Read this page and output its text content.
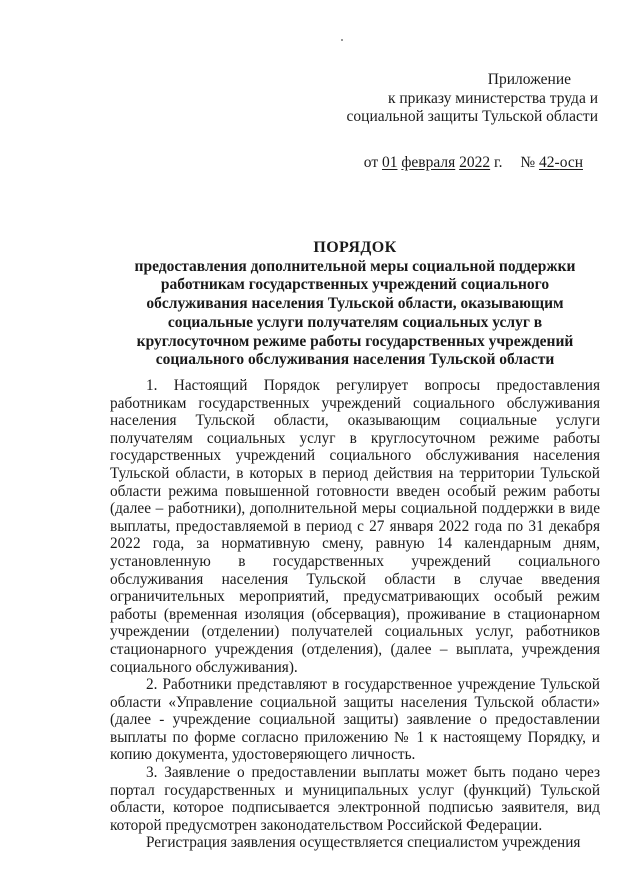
Приложение
к приказу министерства труда и
социальной защиты Тульской области
от 01 февраля 2022 г. № 42-осн
ПОРЯДОК
предоставления дополнительной меры социальной поддержки работникам государственных учреждений социального обслуживания населения Тульской области, оказывающим социальные услуги получателям социальных услуг в круглосуточном режиме работы государственных учреждений социального обслуживания населения Тульской области

1. Настоящий Порядок регулирует вопросы предоставления работникам государственных учреждений социального обслуживания населения Тульской области, оказывающим социальные услуги получателям социальных услуг в круглосуточном режиме работы государственных учреждений социального обслуживания населения Тульской области, в которых в период действия на территории Тульской области режима повышенной готовности введен особый режим работы (далее – работники), дополнительной меры социальной поддержки в виде выплаты, предоставляемой в период с 27 января 2022 года по 31 декабря 2022 года, за нормативную смену, равную 14 календарным дням, установленную в государственных учреждений социального обслуживания населения Тульской области в случае введения ограничительных мероприятий, предусматривающих особый режим работы (временная изоляция (обсервация), проживание в стационарном учреждении (отделении) получателей социальных услуг, работников стационарного учреждения (отделения), (далее – выплата, учреждения социального обслуживания).

2. Работники представляют в государственное учреждение Тульской области «Управление социальной защиты населения Тульской области» (далее - учреждение социальной защиты) заявление о предоставлении выплаты по форме согласно приложению № 1 к настоящему Порядку, и копию документа, удостоверяющего личность.

3. Заявление о предоставлении выплаты может быть подано через портал государственных и муниципальных услуг (функций) Тульской области, которое подписывается электронной подписью заявителя, вид которой предусмотрен законодательством Российской Федерации.

Регистрация заявления осуществляется специалистом учреждения
